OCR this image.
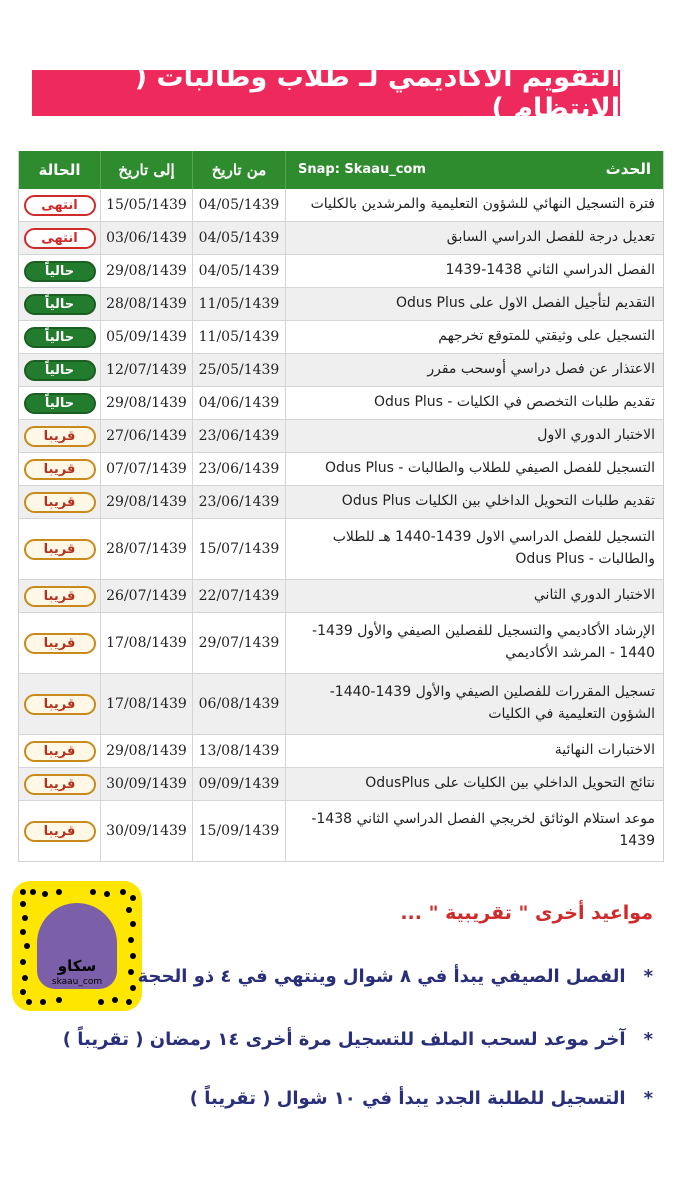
التقويم الأكاديمي لـ طلاب وطالبات ( الانتظام )
الحدث
Snap: Skaau_com
من تاريخ
إلى تاريخ
الحالة
فترة التسجيل النهائي للشؤون التعليمية والمرشدين بالكليات
04/05/1439
15/05/1439
انتهى
تعديل درجة للفصل الدراسي السابق
04/05/1439
03/06/1439
انتهى
الفصل الدراسي الثاني 1438-1439
04/05/1439
29/08/1439
حالياً
التقديم لتأجيل الفصل الاول على Odus Plus
11/05/1439
28/08/1439
حالياً
التسجيل على وثيقتي للمتوقع تخرجهم
11/05/1439
05/09/1439
حالياً
الاعتذار عن فصل دراسي أوسحب مقرر
25/05/1439
12/07/1439
حالياً
تقديم طلبات التخصص في الكليات - Odus Plus
04/06/1439
29/08/1439
حالياً
الاختبار الدوري الاول
23/06/1439
27/06/1439
قريبا
التسجيل للفصل الصيفي للطلاب والطالبات - Odus Plus
23/06/1439
07/07/1439
قريبا
تقديم طلبات التحويل الداخلي بين الكليات Odus Plus
23/06/1439
29/08/1439
قريبا
التسجيل للفصل الدراسي الاول 1439-1440 هـ للطلاب والطالبات - Odus Plus
15/07/1439
28/07/1439
قريبا
الاختبار الدوري الثاني
22/07/1439
26/07/1439
قريبا
الإرشاد الأكاديمي والتسجيل للفصلين الصيفي والأول 1439-1440 - المرشد الأكاديمي
29/07/1439
17/08/1439
قريبا
تسجيل المقررات للفصلين الصيفي والأول 1439-1440- الشؤون التعليمية في الكليات
06/08/1439
17/08/1439
قريبا
الاختبارات النهائية
13/08/1439
29/08/1439
قريبا
نتائج التحويل الداخلي بين الكليات على OdusPlus
09/09/1439
30/09/1439
قريبا
موعد استلام الوثائق لخريجي الفصل الدراسي الثاني 1438-1439
15/09/1439
30/09/1439
قريبا
سكاو
skaau_com
مواعيد أخرى " تقريبية " ...
*
الفصل الصيفي يبدأ في ٨ شوال وينتهي في ٤ ذو الحجة
*
آخر موعد لسحب الملف للتسجيل مرة أخرى ١٤ رمضان ( تقريباً )
*
التسجيل للطلبة الجدد يبدأ في ١٠ شوال ( تقريباً )
